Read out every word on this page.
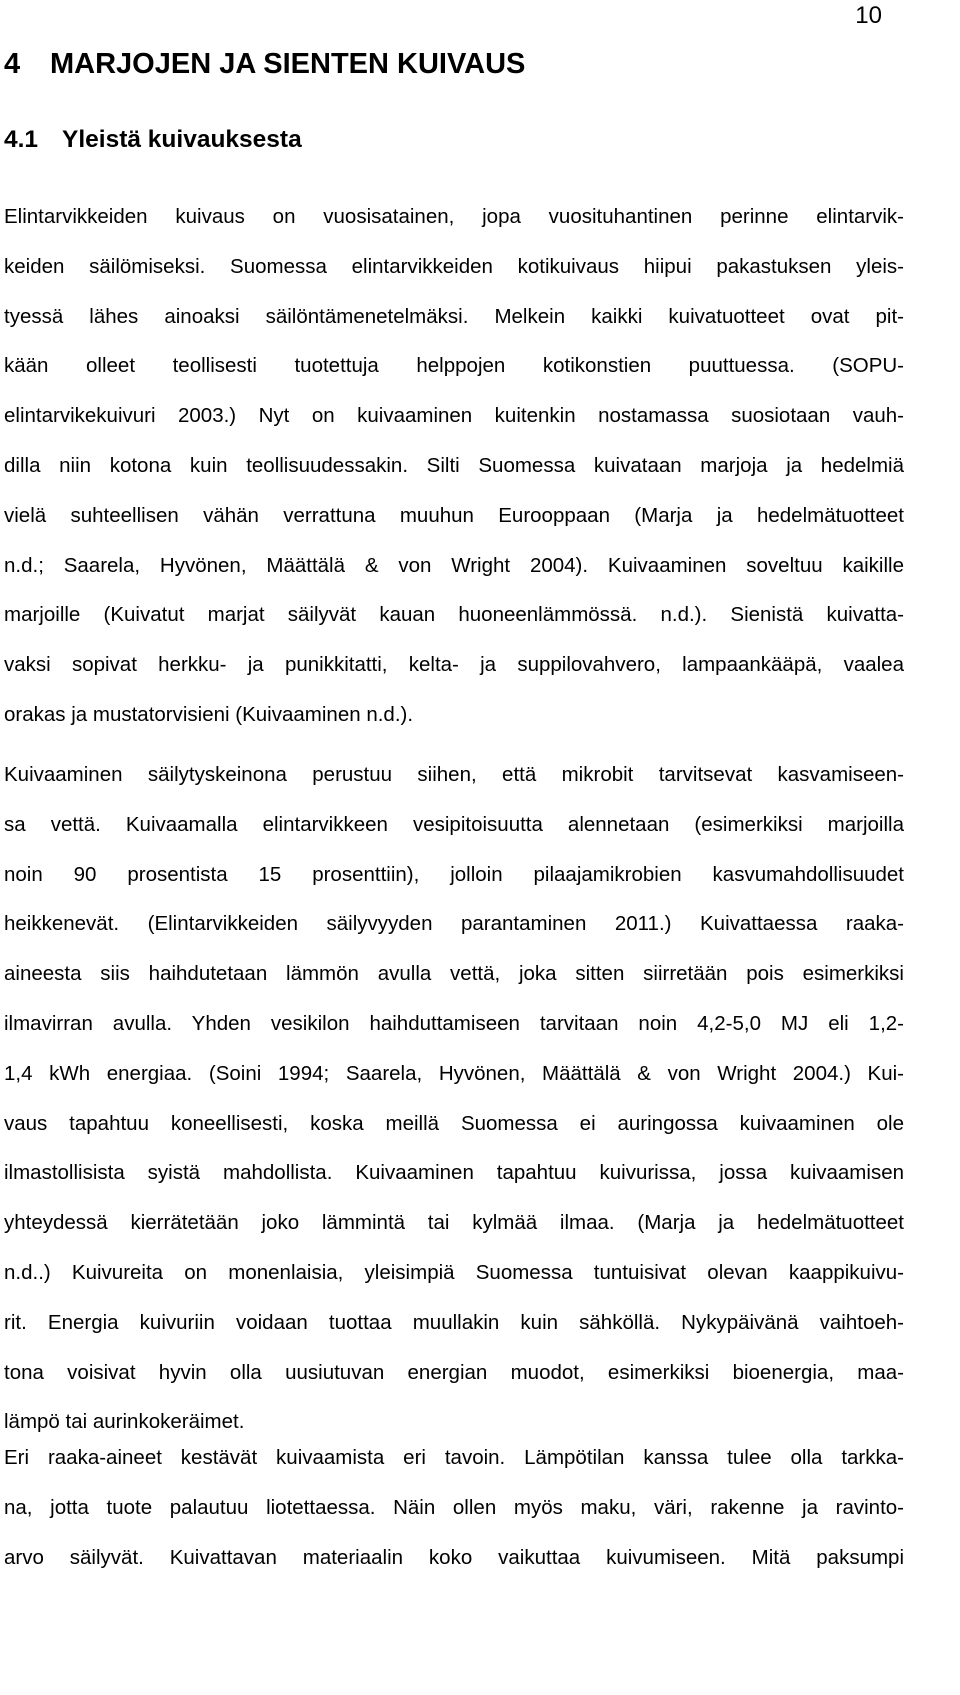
10
4 MARJOJEN JA SIENTEN KUIVAUS
4.1 Yleistä kuivauksesta
Elintarvikkeiden kuivaus on vuosisatainen, jopa vuosituhantinen perinne elintarvik-
keiden säilömiseksi. Suomessa elintarvikkeiden kotikuivaus hiipui pakastuksen yleis-
tyessä lähes ainoaksi säilöntämenetelmäksi. Melkein kaikki kuivatuotteet ovat pit-
kään olleet teollisesti tuotettuja helppojen kotikonstien puuttuessa. (SOPU-
elintarvikekuivuri 2003.) Nyt on kuivaaminen kuitenkin nostamassa suosiotaan vauh-
dilla niin kotona kuin teollisuudessakin. Silti Suomessa kuivataan marjoja ja hedelmiä
vielä suhteellisen vähän verrattuna muuhun Eurooppaan (Marja ja hedelmätuotteet
n.d.; Saarela, Hyvönen, Määttälä & von Wright 2004). Kuivaaminen soveltuu kaikille
marjoille (Kuivatut marjat säilyvät kauan huoneenlämmössä. n.d.). Sienistä kuivatta-
vaksi sopivat herkku- ja punikkitatti, kelta- ja suppilovahvero, lampaankääpä, vaalea
orakas ja mustatorvisieni (Kuivaaminen n.d.).
Kuivaaminen säilytyskeinona perustuu siihen, että mikrobit tarvitsevat kasvamiseen-
sa vettä. Kuivaamalla elintarvikkeen vesipitoisuutta alennetaan (esimerkiksi marjoilla
noin 90 prosentista 15 prosenttiin), jolloin pilaajamikrobien kasvumahdollisuudet
heikkenevät. (Elintarvikkeiden säilyvyyden parantaminen 2011.) Kuivattaessa raaka-
aineesta siis haihdutetaan lämmön avulla vettä, joka sitten siirretään pois esimerkiksi
ilmavirran avulla. Yhden vesikilon haihduttamiseen tarvitaan noin 4,2-5,0 MJ eli 1,2-
1,4 kWh energiaa. (Soini 1994; Saarela, Hyvönen, Määttälä & von Wright 2004.) Kui-
vaus tapahtuu koneellisesti, koska meillä Suomessa ei auringossa kuivaaminen ole
ilmastollisista syistä mahdollista. Kuivaaminen tapahtuu kuivurissa, jossa kuivaamisen
yhteydessä kierrätetään joko lämmintä tai kylmää ilmaa. (Marja ja hedelmätuotteet
n.d..) Kuivureita on monenlaisia, yleisimpiä Suomessa tuntuisivat olevan kaappikuivu-
rit. Energia kuivuriin voidaan tuottaa muullakin kuin sähköllä. Nykypäivänä vaihtoeh-
tona voisivat hyvin olla uusiutuvan energian muodot, esimerkiksi bioenergia, maa-
lämpö tai aurinkokeräimet.
Eri raaka-aineet kestävät kuivaamista eri tavoin. Lämpötilan kanssa tulee olla tarkka-
na, jotta tuote palautuu liotettaessa. Näin ollen myös maku, väri, rakenne ja ravinto-
arvo säilyvät. Kuivattavan materiaalin koko vaikuttaa kuivumiseen. Mitä paksumpi
